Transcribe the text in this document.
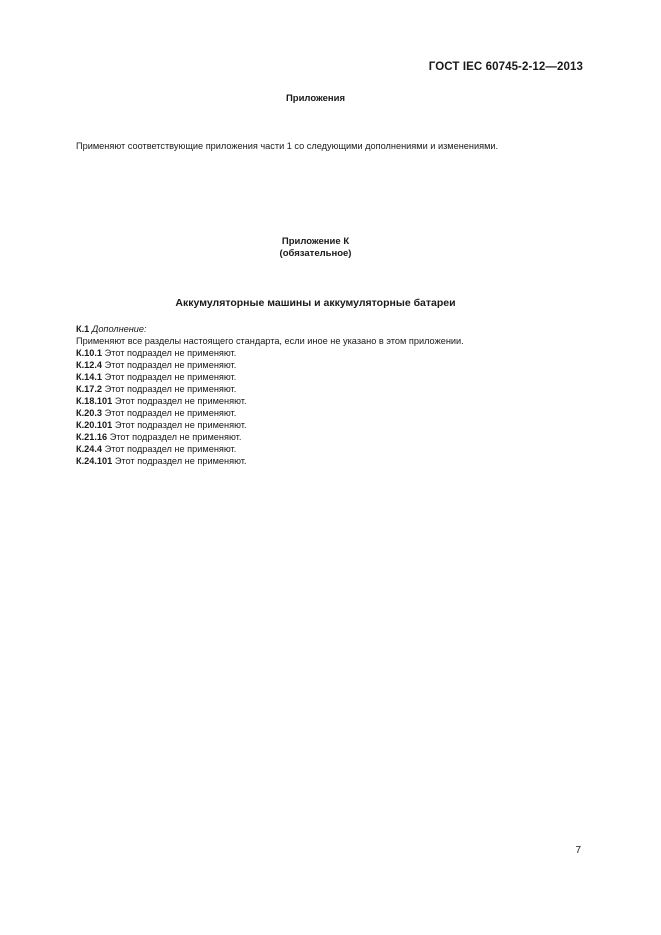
ГОСТ IEC 60745-2-12—2013
Приложения
Применяют соответствующие приложения части 1 со следующими дополнениями и изменениями.
Приложение К
(обязательное)
Аккумуляторные машины и аккумуляторные батареи
К.1 Дополнение:
Применяют все разделы настоящего стандарта, если иное не указано в этом приложении.
К.10.1 Этот подраздел не применяют.
К.12.4 Этот подраздел не применяют.
К.14.1 Этот подраздел не применяют.
К.17.2 Этот подраздел не применяют.
К.18.101 Этот подраздел не применяют.
К.20.3 Этот подраздел не применяют.
К.20.101 Этот подраздел не применяют.
К.21.16 Этот подраздел не применяют.
К.24.4 Этот подраздел не применяют.
К.24.101 Этот подраздел не применяют.
7
